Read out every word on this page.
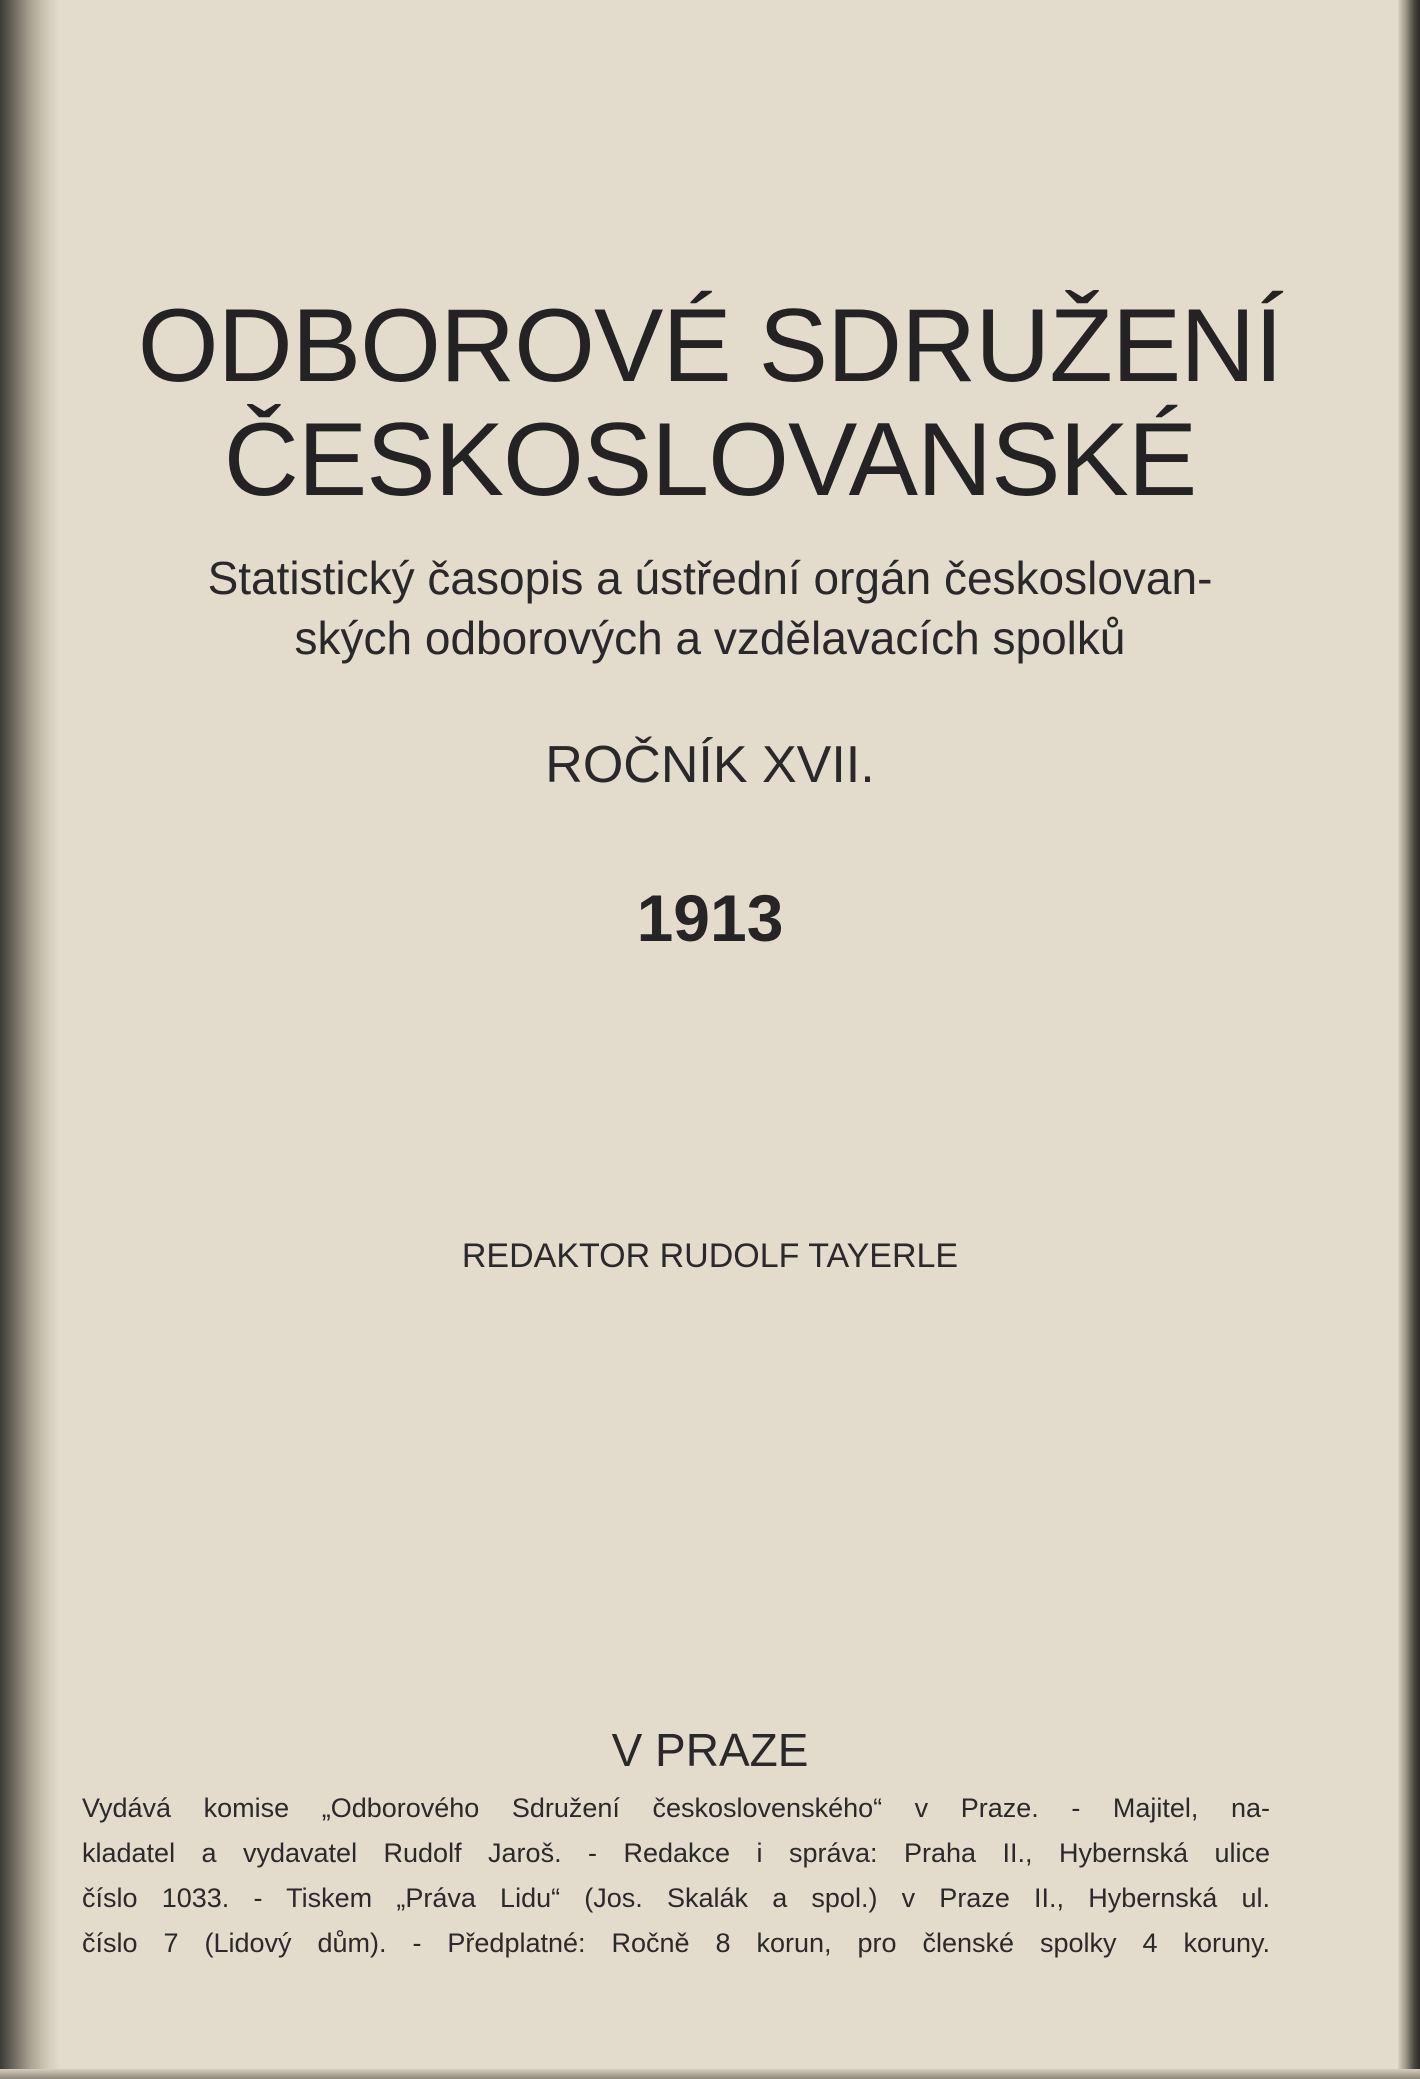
ODBOROVÉ SDRUŽENÍ
ČESKOSLOVANSKÉ
Statistický časopis a ústřední orgán českoslovan-
ských odborových a vzdělavacích spolků
ROČNÍK XVII.
1913
REDAKTOR RUDOLF TAYERLE
V PRAZE
Vydává komise „Odborového Sdružení československého“ v Praze. - Majitel, na-
kladatel a vydavatel Rudolf Jaroš. - Redakce i správa: Praha II., Hybernská ulice
číslo 1033. - Tiskem „Práva Lidu“ (Jos. Skalák a spol.) v Praze II., Hybernská ul.
číslo 7 (Lidový dům). - Předplatné: Ročně 8 korun, pro členské spolky 4 koruny.
